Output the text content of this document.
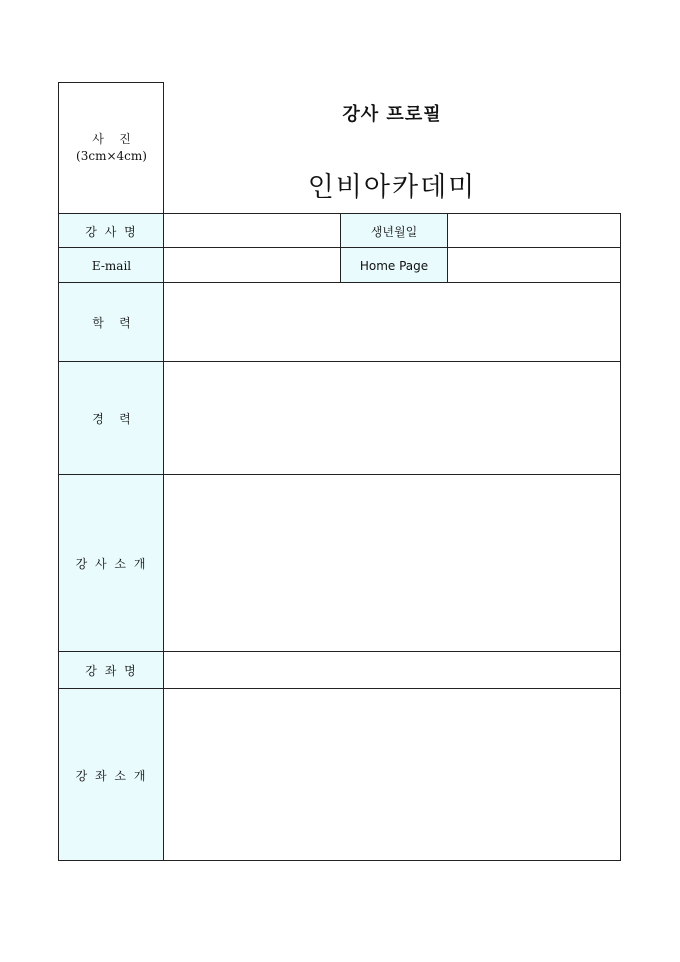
사    진
(3cm×4cm)
강사 프로필
인비아카데미
강 사 명	생년월일
E-mail	Home Page
학    력
경    력
강 사 소 개
강 좌 명
강 좌 소 개
